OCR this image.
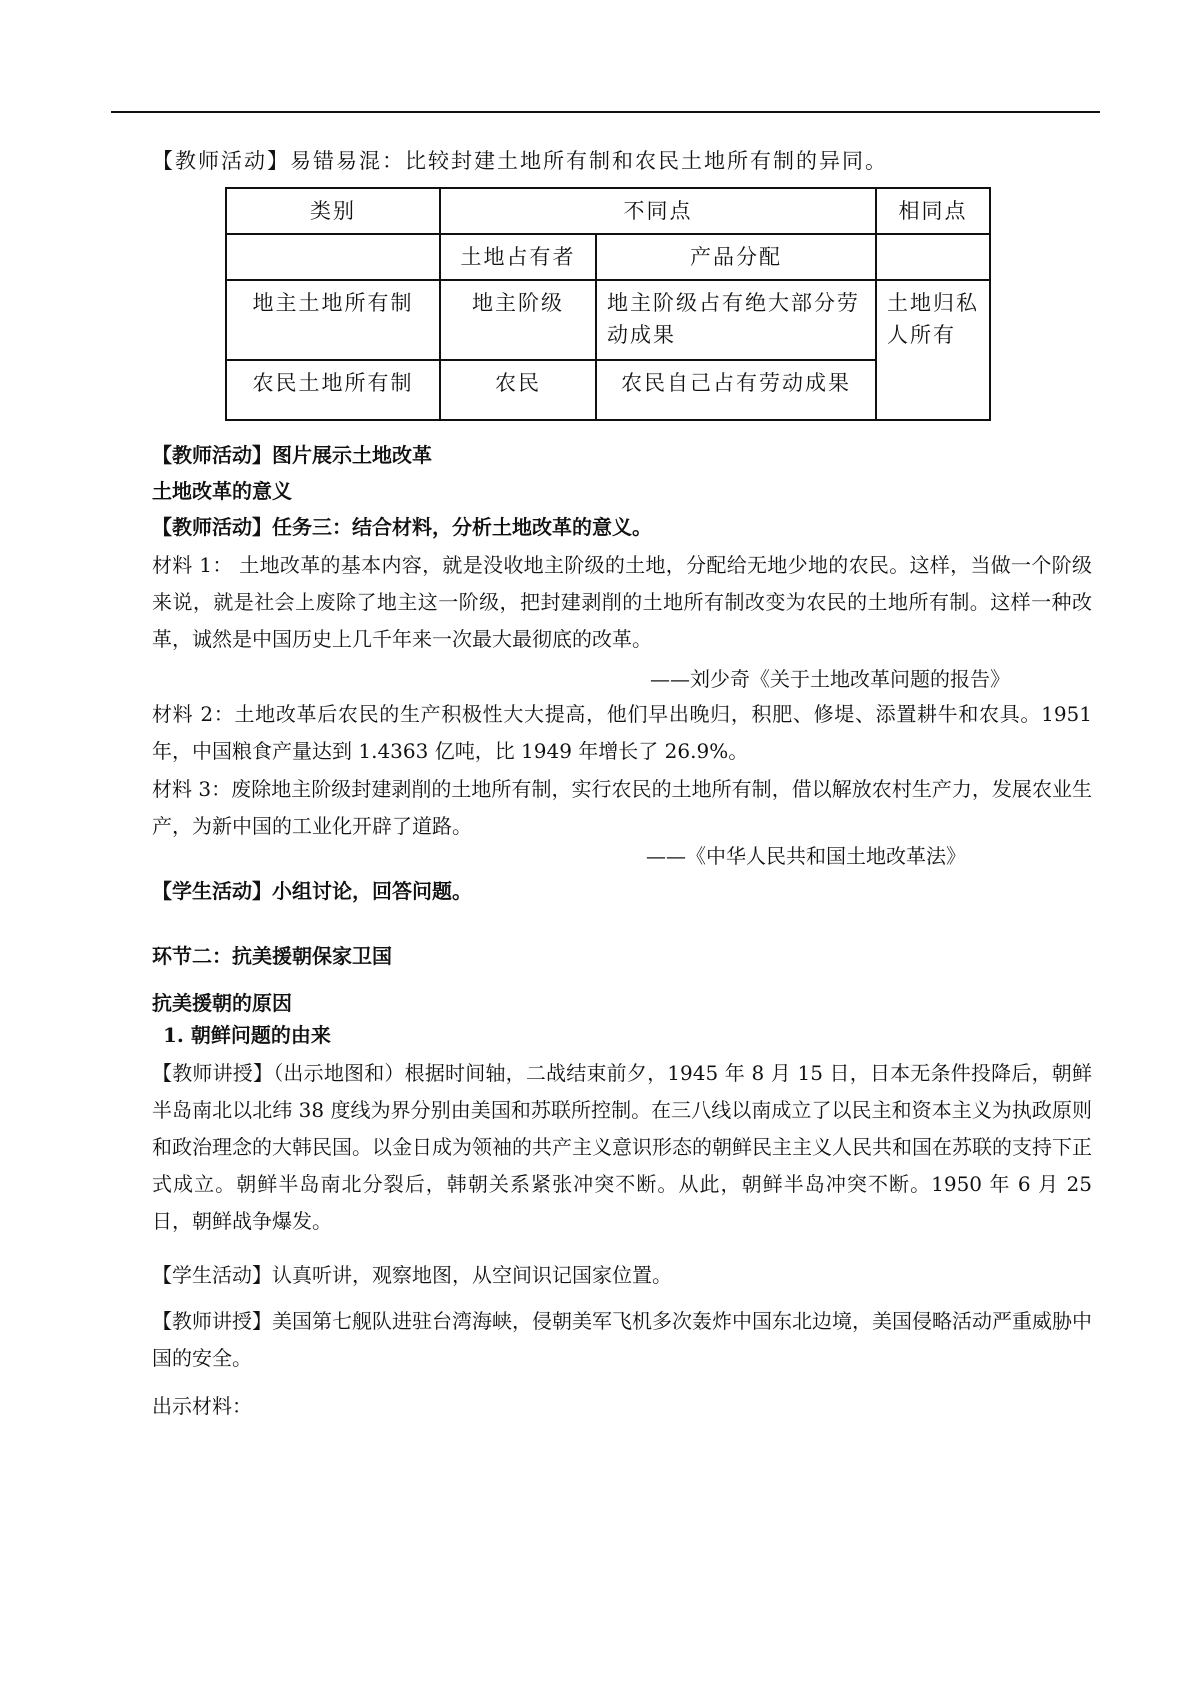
【教师活动】易错易混：比较封建土地所有制和农民土地所有制的异同。
类别	不同点		相同点
	土地占有者	产品分配	
地主土地所有制	地主阶级	地主阶级占有绝大部分劳动成果	土地归私人所有
农民土地所有制	农民	农民自己占有劳动成果	
【教师活动】图片展示土地改革
土地改革的意义
【教师活动】任务三：结合材料，分析土地改革的意义。
材料 1： 土地改革的基本内容，就是没收地主阶级的土地，分配给无地少地的农民。这样，当做一个阶级来说，就是社会上废除了地主这一阶级，把封建剥削的土地所有制改变为农民的土地所有制。这样一种改革，诚然是中国历史上几千年来一次最大最彻底的改革。
——刘少奇《关于土地改革问题的报告》
材料 2：土地改革后农民的生产积极性大大提高，他们早出晚归，积肥、修堤、添置耕牛和农具。1951年，中国粮食产量达到 1.4363 亿吨，比 1949 年增长了 26.9%。
材料 3：废除地主阶级封建剥削的土地所有制，实行农民的土地所有制，借以解放农村生产力，发展农业生产，为新中国的工业化开辟了道路。
——《中华人民共和国土地改革法》
【学生活动】小组讨论，回答问题。
环节二：抗美援朝保家卫国
抗美援朝的原因
1. 朝鲜问题的由来
【教师讲授】（出示地图和）根据时间轴，二战结束前夕，1945 年 8 月 15 日，日本无条件投降后，朝鲜半岛南北以北纬 38 度线为界分别由美国和苏联所控制。在三八线以南成立了以民主和资本主义为执政原则和政治理念的大韩民国。以金日成为领袖的共产主义意识形态的朝鲜民主主义人民共和国在苏联的支持下正式成立。朝鲜半岛南北分裂后，韩朝关系紧张冲突不断。从此，朝鲜半岛冲突不断。1950 年 6 月 25 日，朝鲜战争爆发。
【学生活动】认真听讲，观察地图，从空间识记国家位置。
【教师讲授】美国第七舰队进驻台湾海峡，侵朝美军飞机多次轰炸中国东北边境，美国侵略活动严重威胁中国的安全。
出示材料：
